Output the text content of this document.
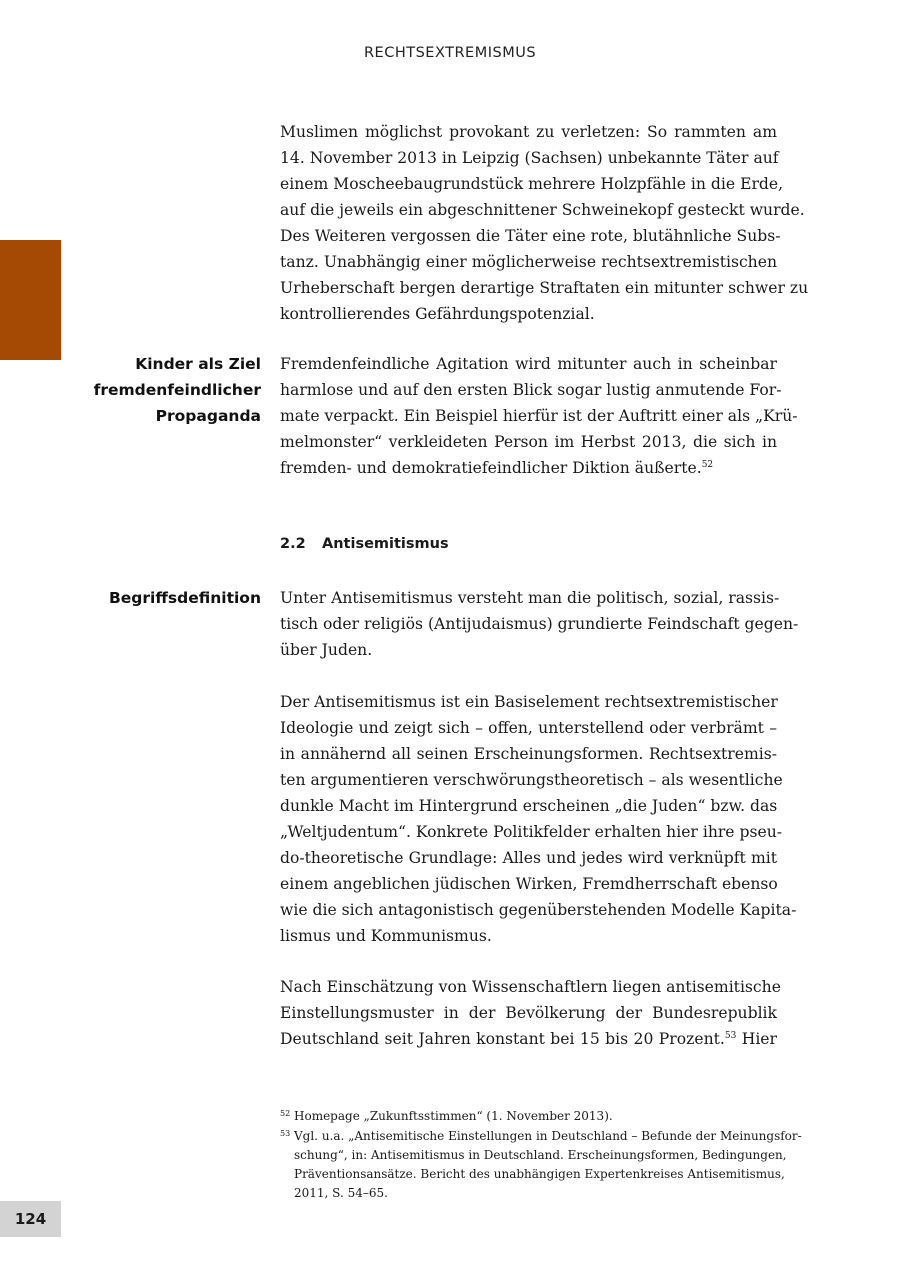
RECHTSEXTREMISMUS
Muslimen möglichst provokant zu verletzen: So rammten am
14. November 2013 in Leipzig (Sachsen) unbekannte Täter auf
einem Moscheebaugrundstück mehrere Holzpfähle in die Erde,
auf die jeweils ein abgeschnittener Schweinekopf gesteckt wurde.
Des Weiteren vergossen die Täter eine rote, blutähnliche Subs-
tanz. Unabhängig einer möglicherweise rechtsextremistischen
Urheberschaft bergen derartige Straftaten ein mitunter schwer zu
kontrollierendes Gefährdungspotenzial.
Kinder als Ziel
fremdenfeindlicher
Propaganda
Fremdenfeindliche Agitation wird mitunter auch in scheinbar
harmlose und auf den ersten Blick sogar lustig anmutende For-
mate verpackt. Ein Beispiel hierfür ist der Auftritt einer als „Krü-
melmonster“ verkleideten Person im Herbst 2013, die sich in
fremden- und demokratiefeindlicher Diktion äußerte.$^{52}$
2.2 Antisemitismus
Begriffsdefinition Unter Antisemitismus versteht man die politisch, sozial, rassis-
tisch oder religiös (Antijudaismus) grundierte Feindschaft gegen-
über Juden.
Der Antisemitismus ist ein Basiselement rechtsextremistischer
Ideologie und zeigt sich – offen, unterstellend oder verbrämt –
in annähernd all seinen Erscheinungsformen. Rechtsextremis-
ten argumentieren verschwörungstheoretisch – als wesentliche
dunkle Macht im Hintergrund erscheinen „die Juden“ bzw. das
„Weltjudentum“. Konkrete Politikfelder erhalten hier ihre pseu-
do-theoretische Grundlage: Alles und jedes wird verknüpft mit
einem angeblichen jüdischen Wirken, Fremdherrschaft ebenso
wie die sich antagonistisch gegenüberstehenden Modelle Kapita-
lismus und Kommunismus.
Nach Einschätzung von Wissenschaftlern liegen antisemitische
Einstellungsmuster in der Bevölkerung der Bundesrepublik
Deutschland seit Jahren konstant bei 15 bis 20 Prozent.$^{53}$ Hier
52 Homepage „Zukunftsstimmen“ (1. November 2013).
53 Vgl. u.a. „Antisemitische Einstellungen in Deutschland – Befunde der Meinungsfor-
schung“, in: Antisemitismus in Deutschland. Erscheinungsformen, Bedingungen,
Präventionsansätze. Bericht des unabhängigen Expertenkreises Antisemitismus,
2011, S. 54–65.
124
